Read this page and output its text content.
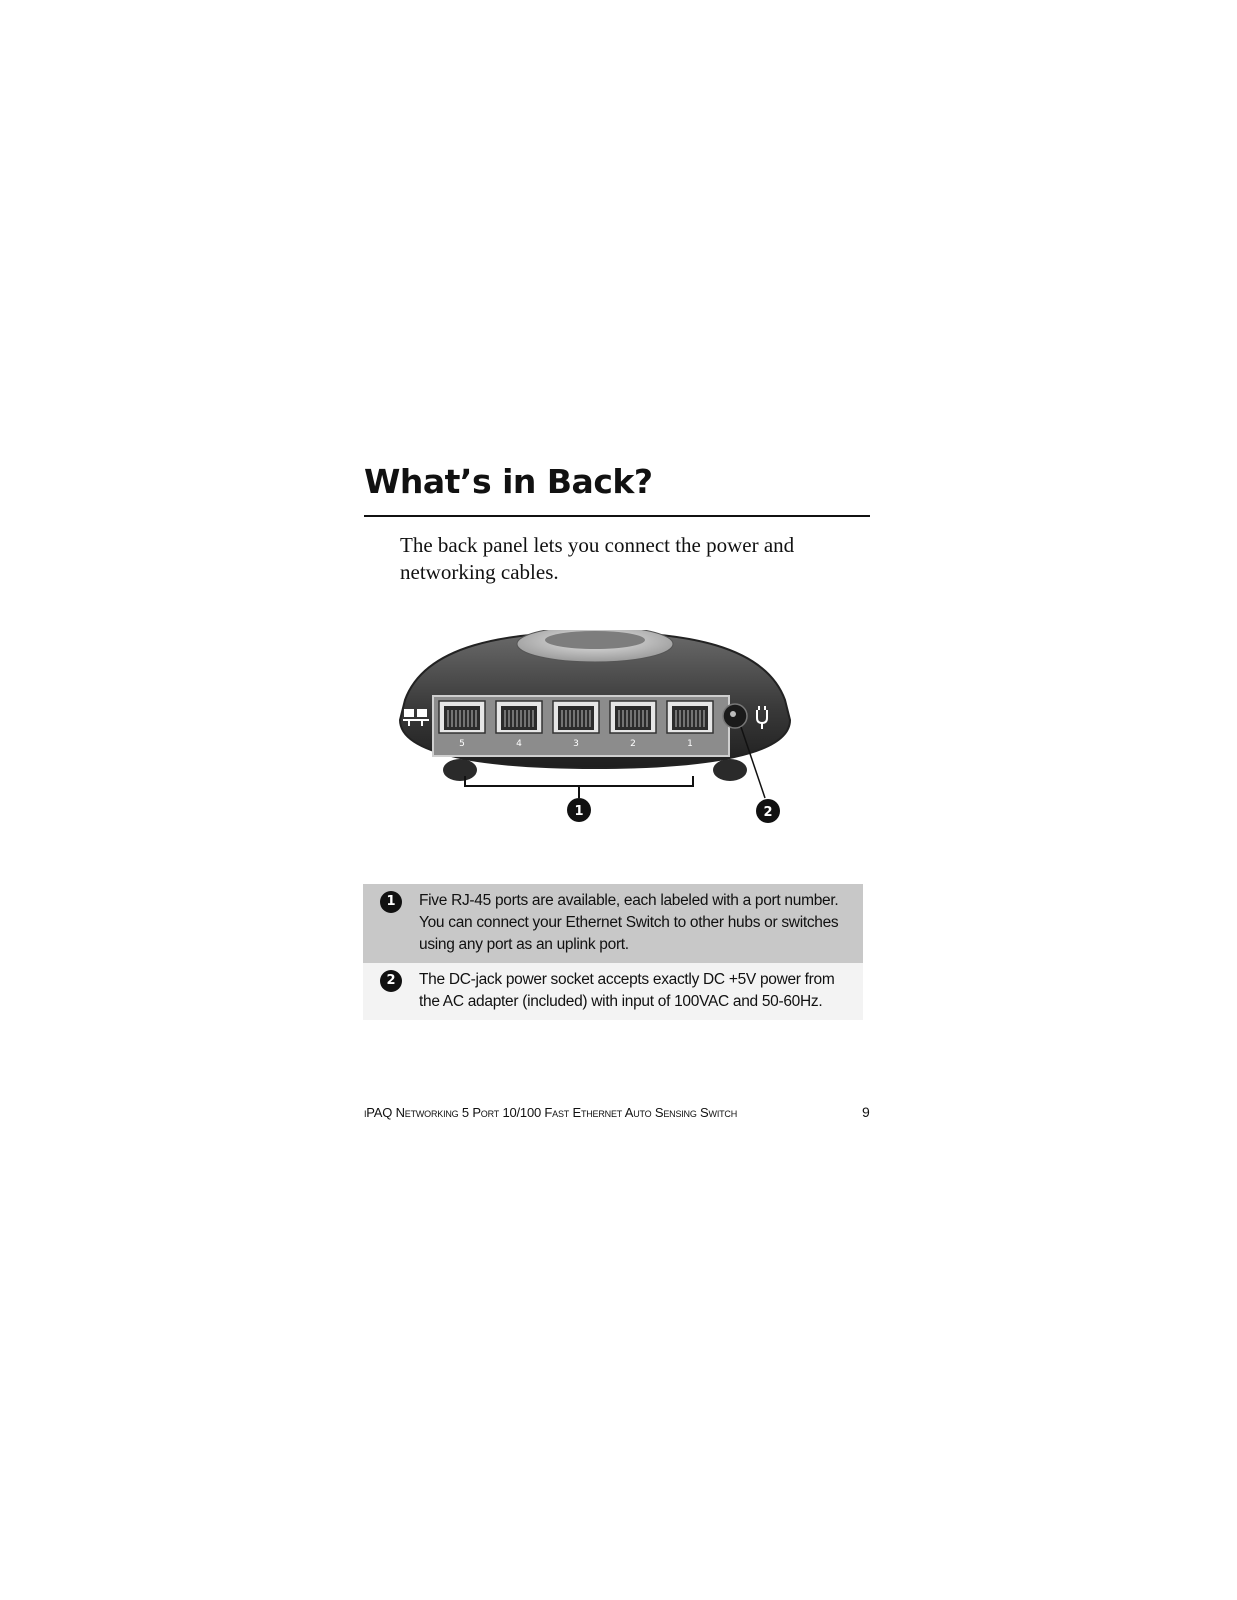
What’s in Back?

The back panel lets you connect the power and networking cables.

5	4	3	2	1
1	2
1	Five RJ-45 ports are available, each labeled with a port number. You can connect your Ethernet Switch to other hubs or switches using any port as an uplink port.
2	The DC-jack power socket accepts exactly DC +5V power from the AC adapter (included) with input of 100VAC and 50-60Hz.
iPAQ Networking 5 Port 10/100 Fast Ethernet Auto Sensing Switch	9
